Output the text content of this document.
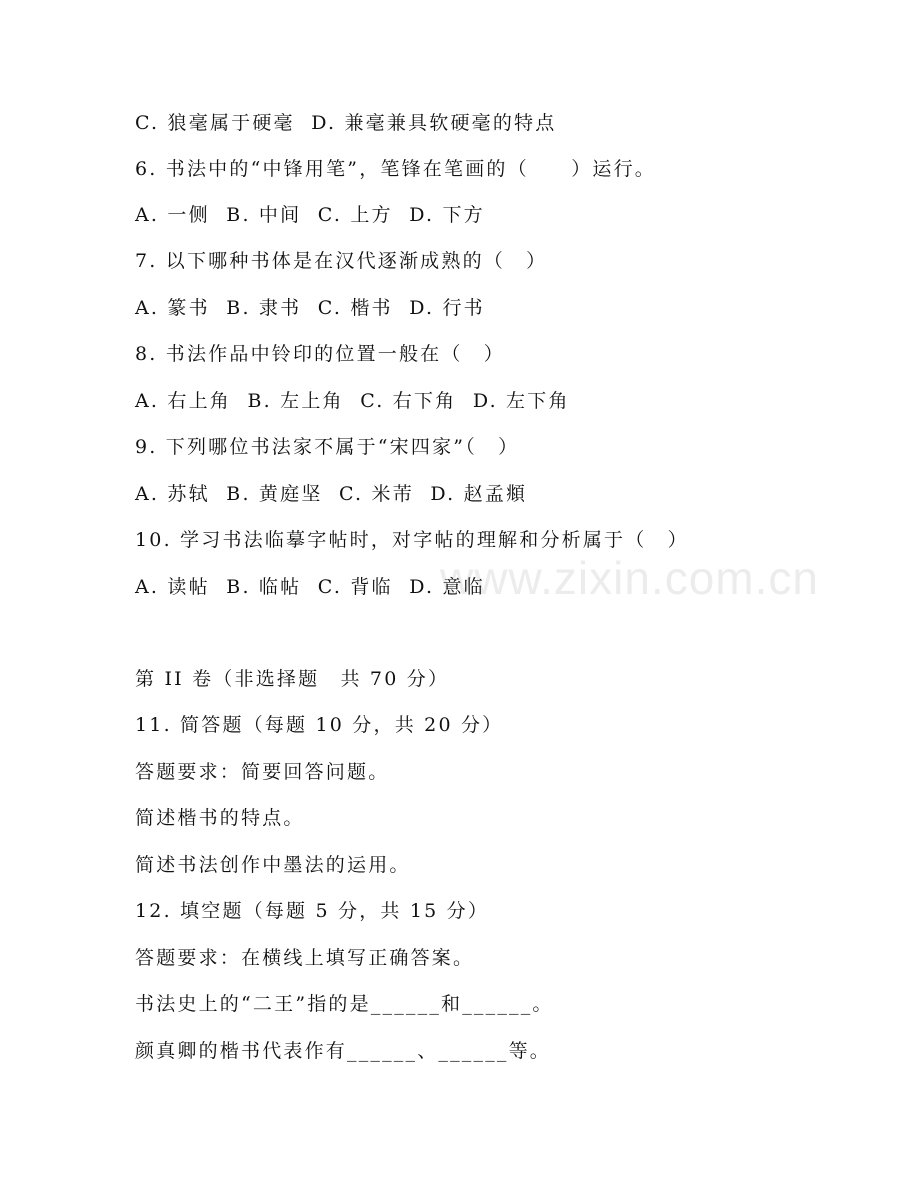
www.zixin.com.cn
C. 狼毫属于硬毫  D. 兼毫兼具软硬毫的特点
6. 书法中的“中锋用笔”，笔锋在笔画的（　　）运行。
A. 一侧  B. 中间  C. 上方  D. 下方
7. 以下哪种书体是在汉代逐渐成熟的（　）
A. 篆书  B. 隶书  C. 楷书  D. 行书
8. 书法作品中铃印的位置一般在（　）
A. 右上角  B. 左上角  C. 右下角  D. 左下角
9. 下列哪位书法家不属于“宋四家”（　）
A. 苏轼  B. 黄庭坚  C. 米芾  D. 赵孟頫
10. 学习书法临摹字帖时，对字帖的理解和分析属于（　）
A. 读帖  B. 临帖  C. 背临  D. 意临
第 II 卷（非选择题　共 70 分）
11. 简答题（每题 10 分，共 20 分）
答题要求：简要回答问题。
简述楷书的特点。
简述书法创作中墨法的运用。
12. 填空题（每题 5 分，共 15 分）
答题要求：在横线上填写正确答案。
书法史上的“二王”指的是______和______。
颜真卿的楷书代表作有______、______等。
